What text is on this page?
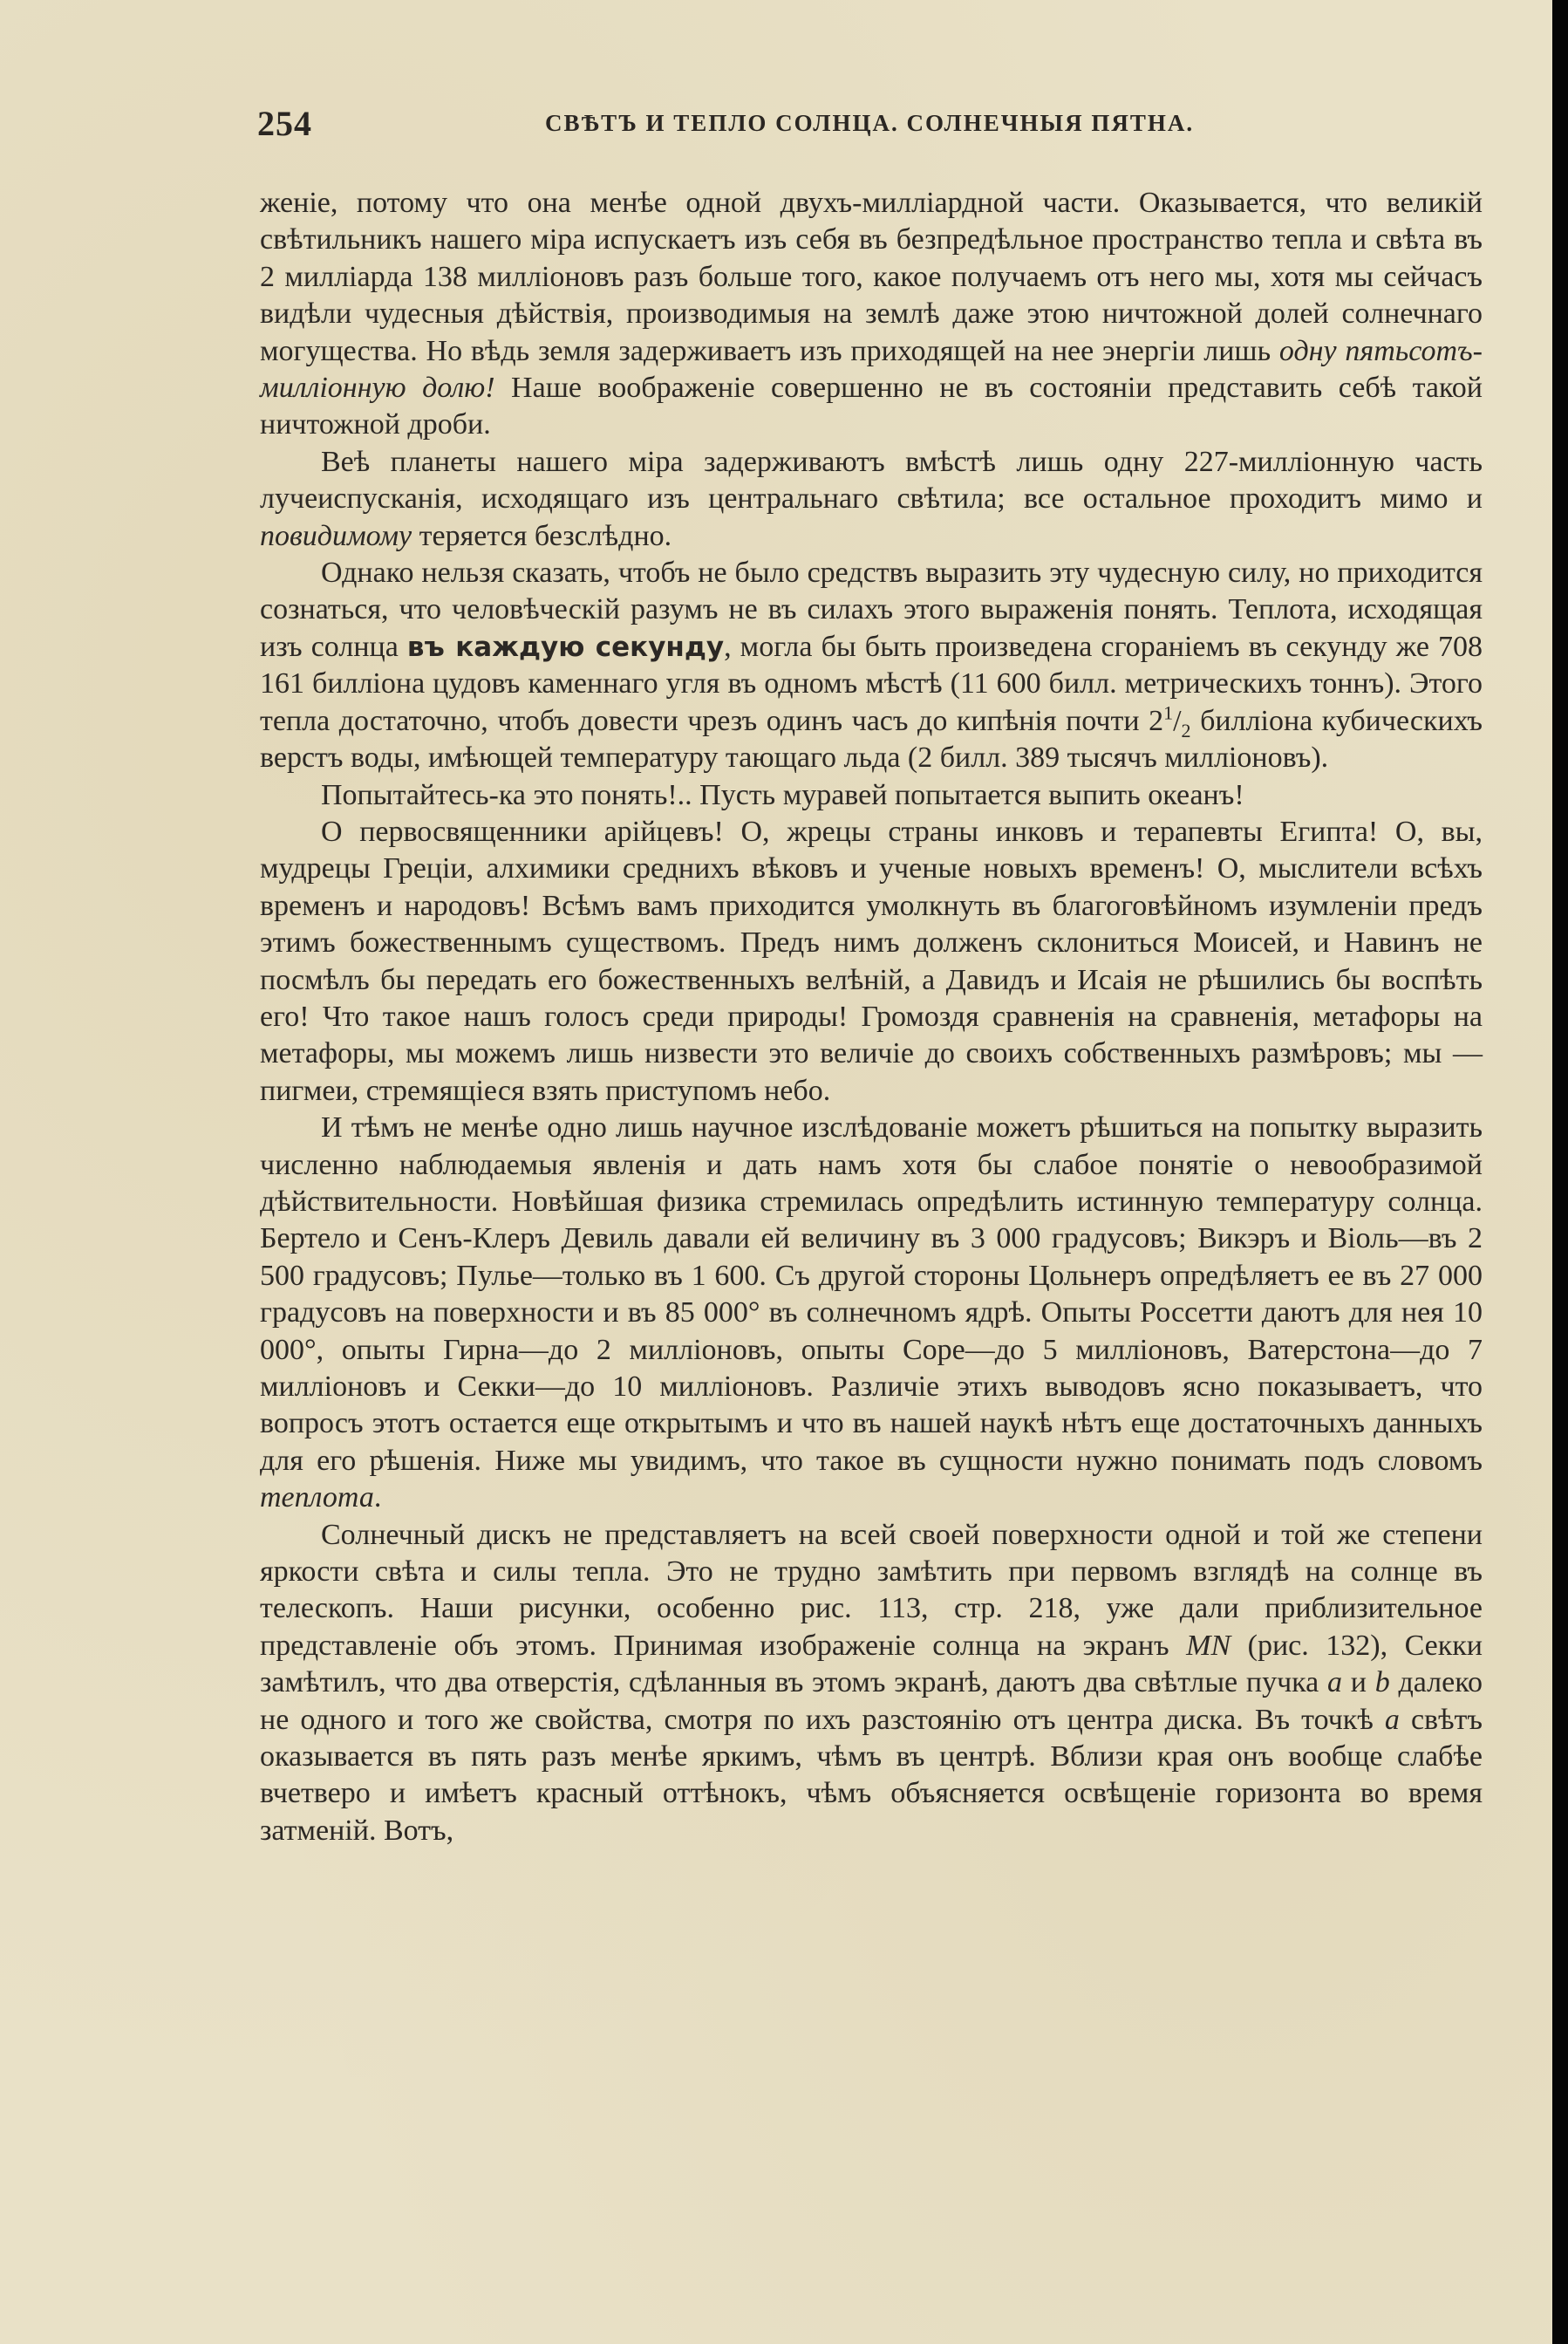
254	СВѢТЪ И ТЕПЛО СОЛНЦА. СОЛНЕЧНЫЯ ПЯТНА.

женіе, потому что она менѣе одной двухъ-милліардной части. Оказывается, что великій свѣтильникъ нашего міра испускаетъ изъ себя въ безпредѣльное пространство тепла и свѣта въ 2 милліарда 138 милліоновъ разъ больше того, какое получаемъ отъ него мы, хотя мы сейчасъ видѣли чудесныя дѣйствія, производимыя на землѣ даже этою ничтожной долей солнечнаго могущества. Но вѣдь земля задерживаетъ изъ приходящей на нее энергіи лишь одну пятьсотъ-милліонную долю! Наше воображеніе совершенно не въ состояніи представить себѣ такой ничтожной дроби.

Веѣ планеты нашего міра задерживаютъ вмѣстѣ лишь одну 227-милліонную часть лучеиспусканія, исходящаго изъ центральнаго свѣтила; все остальное проходитъ мимо и повидимому теряется безслѣдно.

Однако нельзя сказать, чтобъ не было средствъ выразить эту чудесную силу, но приходится сознаться, что человѣческій разумъ не въ силахъ этого выраженія понять. Теплота, исходящая изъ солнца въ каждую секунду, могла бы быть произведена сгораніемъ въ секунду же 708 161 билліона цудовъ каменнаго угля въ одномъ мѣстѣ (11 600 билл. метрическихъ тоннъ). Этого тепла достаточно, чтобъ довести чрезъ одинъ часъ до кипѣнія почти $2^1/_2$ билліона кубическихъ верстъ воды, имѣющей температуру тающаго льда (2 билл. 389 тысячъ милліоновъ).

Попытайтесь-ка это понять!.. Пусть муравей попытается выпить океанъ!

О первосвященники арійцевъ! О, жрецы страны инковъ и терапевты Египта! О, вы, мудрецы Греціи, алхимики среднихъ вѣковъ и ученые новыхъ временъ! О, мыслители всѣхъ временъ и народовъ! Всѣмъ вамъ приходится умолкнуть въ благоговѣйномъ изумленіи предъ этимъ божественнымъ существомъ. Предъ нимъ долженъ склониться Моисей, и Навинъ не посмѣлъ бы передать его божественныхъ велѣній, а Давидъ и Исаія не рѣшились бы воспѣть его! Что такое нашъ голосъ среди природы! Громоздя сравненія на сравненія, метафоры на метафоры, мы можемъ лишь низвести это величіе до своихъ собственныхъ размѣровъ; мы — пигмеи, стремящіеся взять приступомъ небо.

И тѣмъ не менѣе одно лишь научное изслѣдованіе можетъ рѣшиться на попытку выразить численно наблюдаемыя явленія и дать намъ хотя бы слабое понятіе о невообразимой дѣйствительности. Новѣйшая физика стремилась опредѣлить истинную температуру солнца. Бертело и Сенъ-Клеръ Девиль давали ей величину въ 3 000 градусовъ; Викэръ и Віоль—въ 2 500 градусовъ; Пулье—только въ 1 600. Съ другой стороны Цольнеръ опредѣляетъ ее въ 27 000 градусовъ на поверхности и въ 85 000° въ солнечномъ ядрѣ. Опыты Россетти даютъ для нея 10 000°, опыты Гирна—до 2 милліоновъ, опыты Соре—до 5 милліоновъ, Ватерстона—до 7 милліоновъ и Секки—до 10 милліоновъ. Различіе этихъ выводовъ ясно показываетъ, что вопросъ этотъ остается еще открытымъ и что въ нашей наукѣ нѣтъ еще достаточныхъ данныхъ для его рѣшенія. Ниже мы увидимъ, что такое въ сущности нужно понимать подъ словомъ теплота.

Солнечный дискъ не представляетъ на всей своей поверхности одной и той же степени яркости свѣта и силы тепла. Это не трудно замѣтить при первомъ взглядѣ на солнце въ телескопъ. Наши рисунки, особенно рис. 113, стр. 218, уже дали приблизительное представленіе объ этомъ. Принимая изображеніе солнца на экранъ MN (рис. 132), Секки замѣтилъ, что два отверстія, сдѣланныя въ этомъ экранѣ, даютъ два свѣтлые пучка a и b далеко не одного и того же свойства, смотря по ихъ разстоянію отъ центра диска. Въ точкѣ a свѣтъ оказывается въ пять разъ менѣе яркимъ, чѣмъ въ центрѣ. Вблизи края онъ вообще слабѣе вчетверо и имѣетъ красный оттѣнокъ, чѣмъ объясняется освѣщеніе горизонта во время затменій. Вотъ,
